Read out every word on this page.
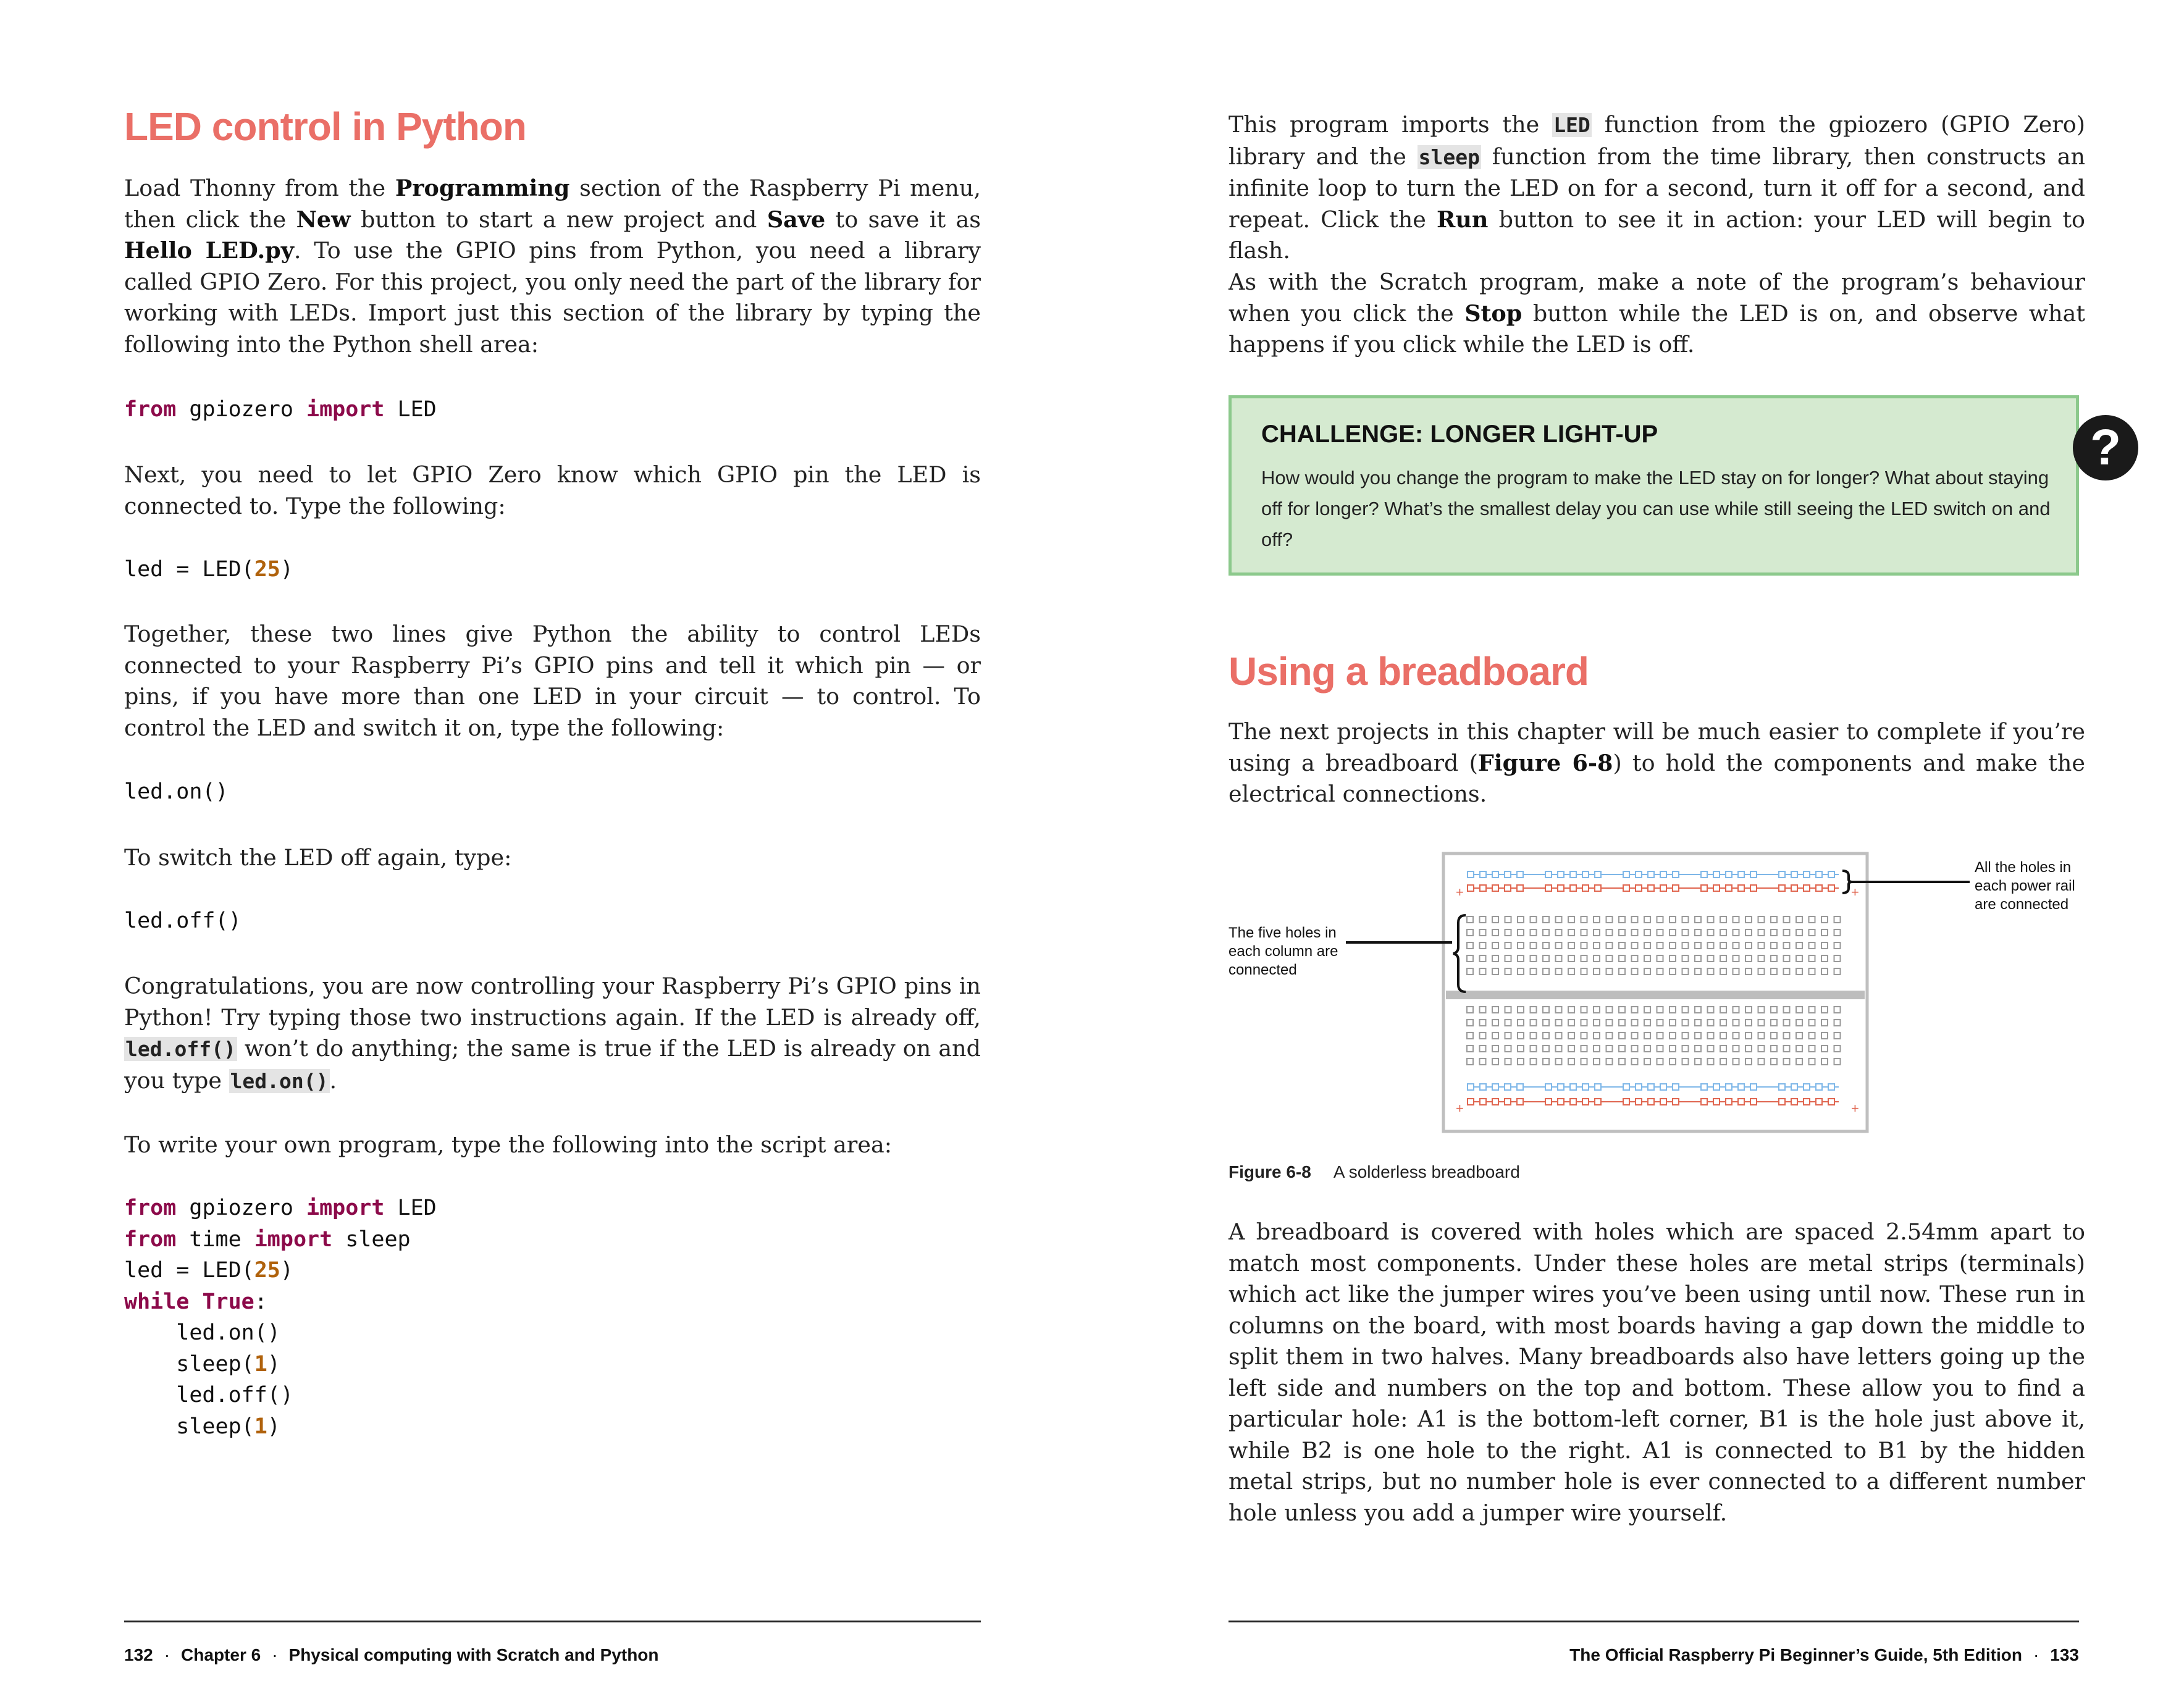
LED control in Python

Load Thonny from the Programming section of the Raspberry Pi menu, then click the New button to start a new project and Save to save it as Hello LED.py. To use the GPIO pins from Python, you need a library called GPIO Zero. For this project, you only need the part of the library for working with LEDs. Import just this section of the library by typing the following into the Python shell area:

from gpiozero import LED

Next, you need to let GPIO Zero know which GPIO pin the LED is connected to. Type the following:

led = LED(25)

Together, these two lines give Python the ability to control LEDs connected to your Raspberry Pi’s GPIO pins and tell it which pin — or pins, if you have more than one LED in your circuit — to control. To control the LED and switch it on, type the following:

led.on()

To switch the LED off again, type:

led.off()

Congratulations, you are now controlling your Raspberry Pi’s GPIO pins in Python! Try typing those two instructions again. If the LED is already off, led.off() won’t do anything; the same is true if the LED is already on and you type led.on().

To write your own program, type the following into the script area:

from gpiozero import LED
from time import sleep
led = LED(25)
while True:
led.on()
sleep(1)
led.off()
sleep(1)
132 · Chapter 6 · Physical computing with Scratch and Python

This program imports the LED function from the gpiozero (GPIO Zero) library and the sleep function from the time library, then constructs an infinite loop to turn the LED on for a second, turn it off for a second, and repeat. Click the Run button to see it in action: your LED will begin to flash.

As with the Scratch program, make a note of the program’s behaviour when you click the Stop button while the LED is on, and observe what happens if you click while the LED is off.

CHALLENGE: LONGER LIGHT-UP

How would you change the program to make the LED stay on for longer? What about staying off for longer? What’s the smallest delay you can use while still seeing the LED switch on and off?

?
Using a breadboard

The next projects in this chapter will be much easier to complete if you’re using a breadboard (Figure 6-8) to hold the components and make the electrical connections.

+	+
+	+
The five holes in each column are connected
All the holes in each power rail are connected
Figure 6-8 A solderless breadboard

A breadboard is covered with holes which are spaced 2.54mm apart to match most components. Under these holes are metal strips (terminals) which act like the jumper wires you’ve been using until now. These run in columns on the board, with most boards having a gap down the middle to split them in two halves. Many breadboards also have letters going up the left side and numbers on the top and bottom. These allow you to find a particular hole: A1 is the bottom-left corner, B1 is the hole just above it, while B2 is one hole to the right. A1 is connected to B1 by the hidden metal strips, but no number hole is ever connected to a different number hole unless you add a jumper wire yourself.

The Official Raspberry Pi Beginner’s Guide, 5th Edition · 133
